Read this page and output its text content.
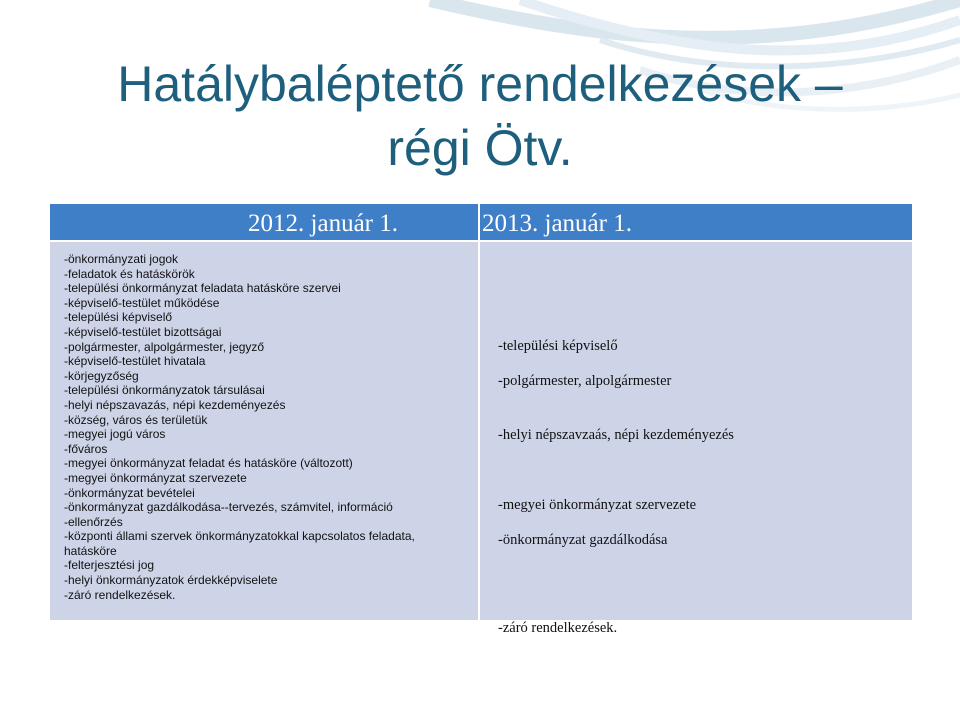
Hatálybaléptető rendelkezések –
régi Ötv.
2012. január 1.	2013. január 1.
-önkormányzati jogok
-feladatok és hatáskörök
-települési önkormányzat feladata hatásköre szervei
-képviselő-testület működése
-települési képviselő
-képviselő-testület bizottságai
-polgármester, alpolgármester, jegyző
-képviselő-testület hivatala
-körjegyzőség
-települési önkormányzatok társulásai
-helyi népszavazás, népi kezdeményezés
-község, város és területük
-megyei jogú város
-főváros
-megyei önkormányzat feladat és hatásköre (változott)
-megyei önkormányzat szervezete
-önkormányzat bevételei
-önkormányzat gazdálkodása--tervezés, számvitel, információ
-ellenőrzés
-központi állami szervek önkormányzatokkal kapcsolatos feladata, hatásköre
-felterjesztési jog
-helyi önkormányzatok érdekképviselete
-záró rendelkezések.
-települési képviselő
-polgármester, alpolgármester
-helyi népszavzaás, népi kezdeményezés
-megyei önkormányzat szervezete
-önkormányzat gazdálkodása
-záró rendelkezések.
